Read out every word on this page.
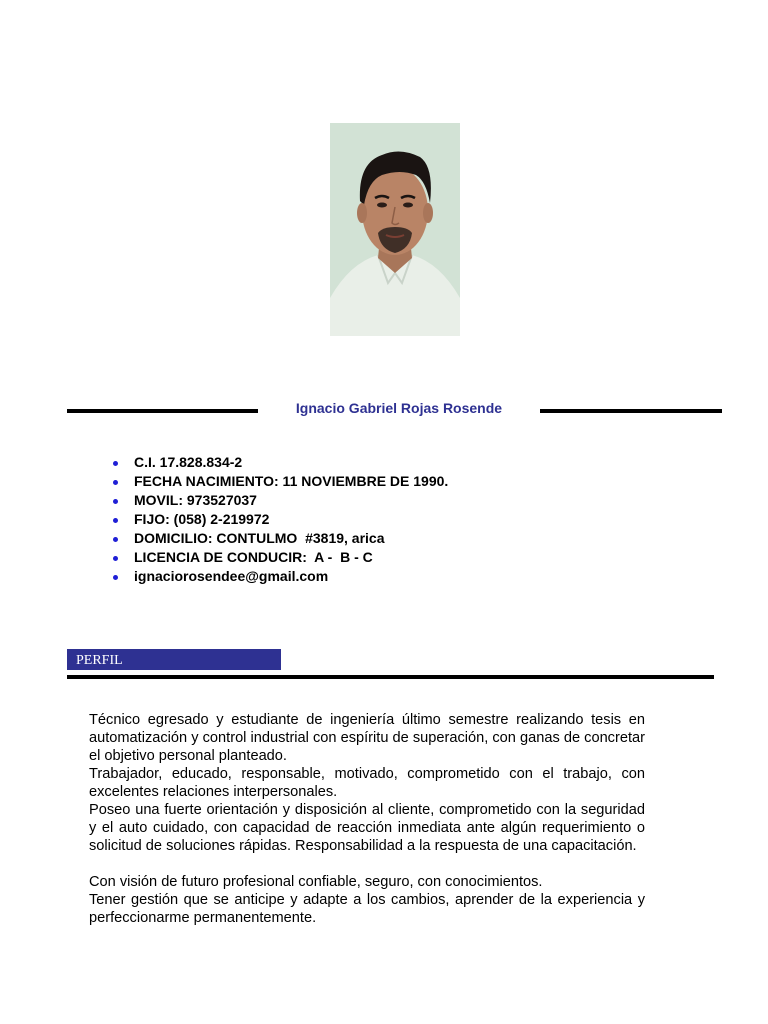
Ignacio Gabriel Rojas Rosende
C.I. 17.828.834-2
FECHA NACIMIENTO: 11 NOVIEMBRE DE 1990.
MOVIL: 973527037
FIJO: (058) 2-219972
DOMICILIO: CONTULMO  #3819, arica
LICENCIA DE CONDUCIR:  A -  B - C
ignaciorosendee@gmail.com
PERFIL

Técnico egresado y estudiante de ingeniería último semestre realizando tesis en automatización y control industrial con espíritu de superación, con ganas de concretar el objetivo personal planteado.

Trabajador, educado, responsable, motivado, comprometido con el trabajo, con excelentes relaciones interpersonales.

Poseo una fuerte orientación y disposición al cliente, comprometido con la seguridad y el auto cuidado, con capacidad de reacción inmediata ante algún requerimiento o solicitud de soluciones rápidas. Responsabilidad a la respuesta de una capacitación.

Con visión de futuro profesional confiable, seguro, con conocimientos.

Tener gestión que se anticipe y adapte a los cambios, aprender de la experiencia y perfeccionarme permanentemente.
